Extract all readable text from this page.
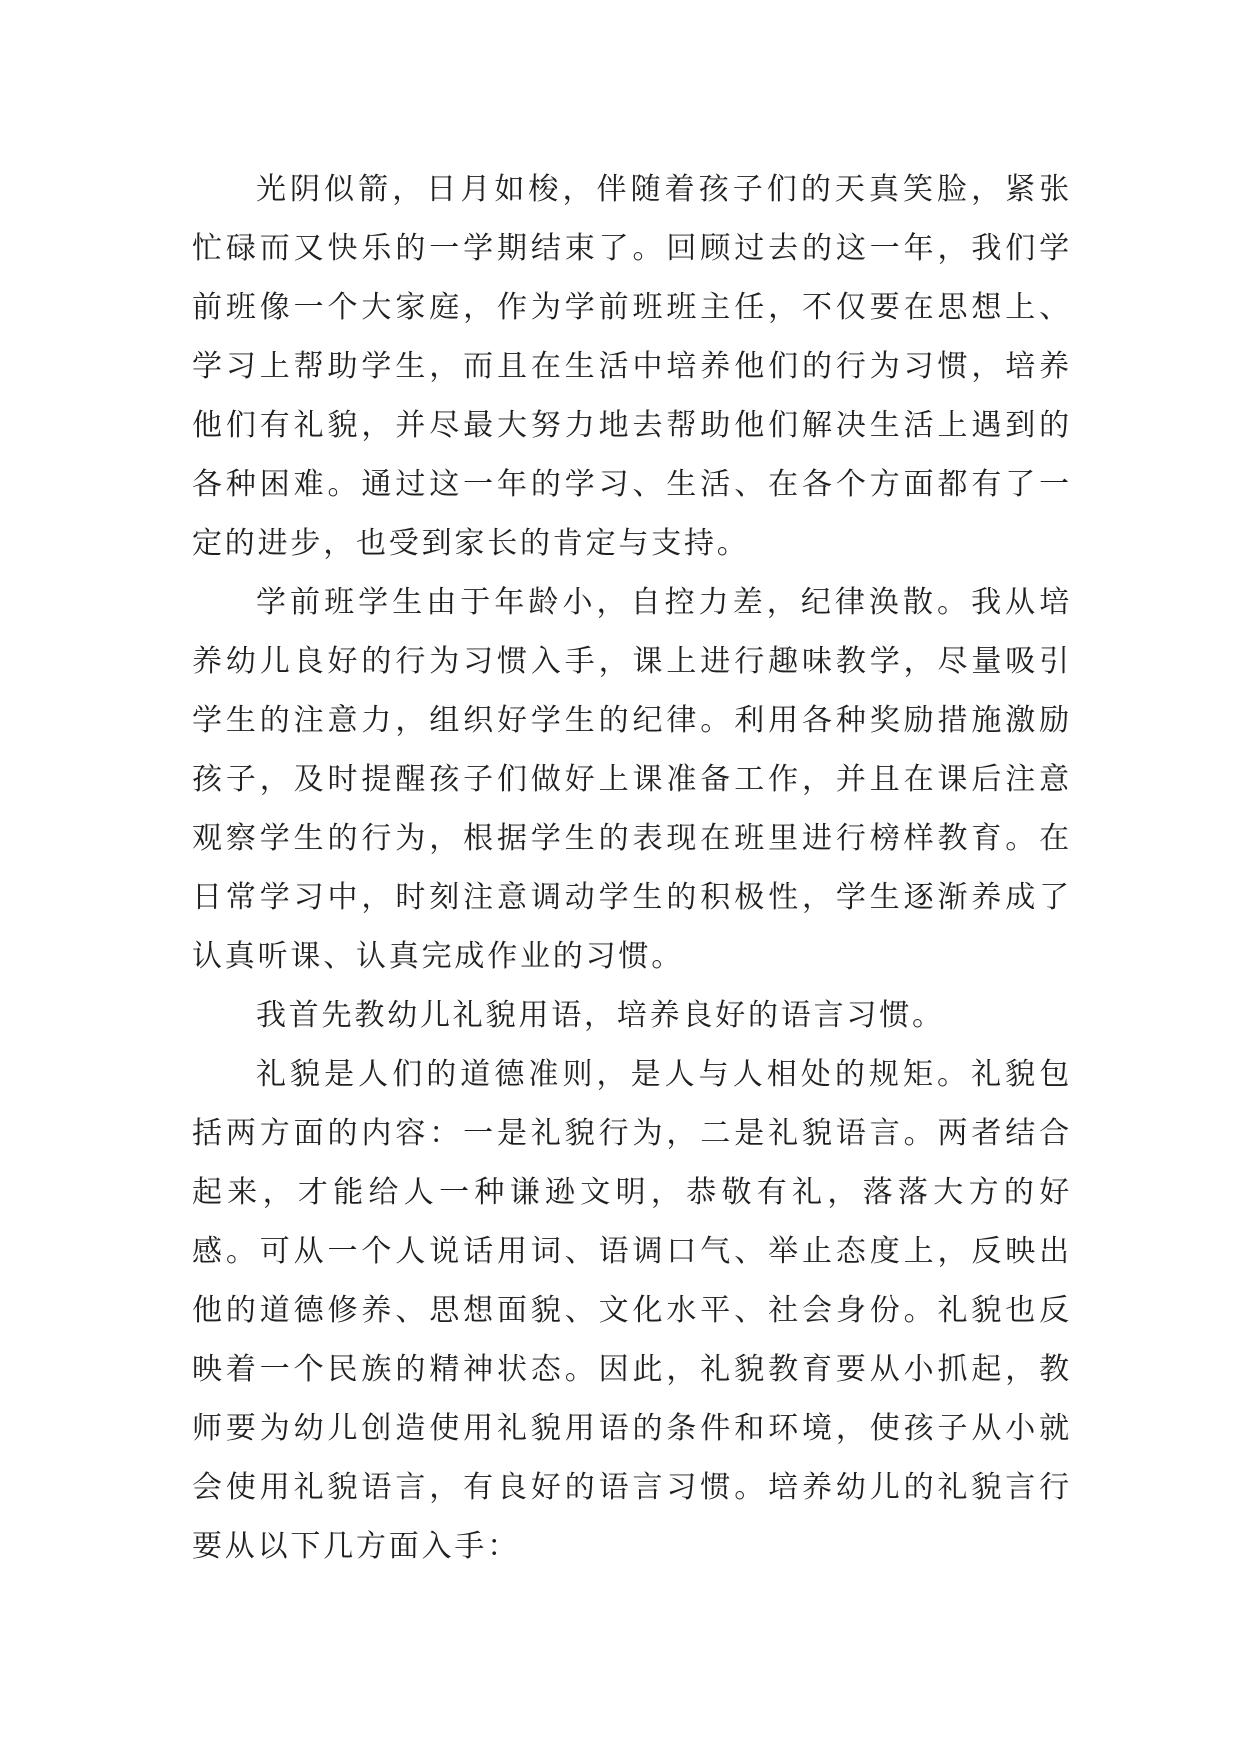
光阴似箭，日月如梭，伴随着孩子们的天真笑脸，紧张忙碌而又快乐的一学期结束了。回顾过去的这一年，我们学前班像一个大家庭，作为学前班班主任，不仅要在思想上、学习上帮助学生，而且在生活中培养他们的行为习惯，培养他们有礼貌，并尽最大努力地去帮助他们解决生活上遇到的各种困难。通过这一年的学习、生活、在各个方面都有了一定的进步，也受到家长的肯定与支持。

学前班学生由于年龄小，自控力差，纪律涣散。我从培养幼儿良好的行为习惯入手，课上进行趣味教学，尽量吸引学生的注意力，组织好学生的纪律。利用各种奖励措施激励孩子，及时提醒孩子们做好上课准备工作，并且在课后注意观察学生的行为，根据学生的表现在班里进行榜样教育。在日常学习中，时刻注意调动学生的积极性，学生逐渐养成了认真听课、认真完成作业的习惯。

我首先教幼儿礼貌用语，培养良好的语言习惯。

礼貌是人们的道德准则，是人与人相处的规矩。礼貌包括两方面的内容：一是礼貌行为，二是礼貌语言。两者结合起来，才能给人一种谦逊文明，恭敬有礼，落落大方的好感。可从一个人说话用词、语调口气、举止态度上，反映出他的道德修养、思想面貌、文化水平、社会身份。礼貌也反映着一个民族的精神状态。因此，礼貌教育要从小抓起，教师要为幼儿创造使用礼貌用语的条件和环境，使孩子从小就会使用礼貌语言，有良好的语言习惯。培养幼儿的礼貌言行要从以下几方面入手：
